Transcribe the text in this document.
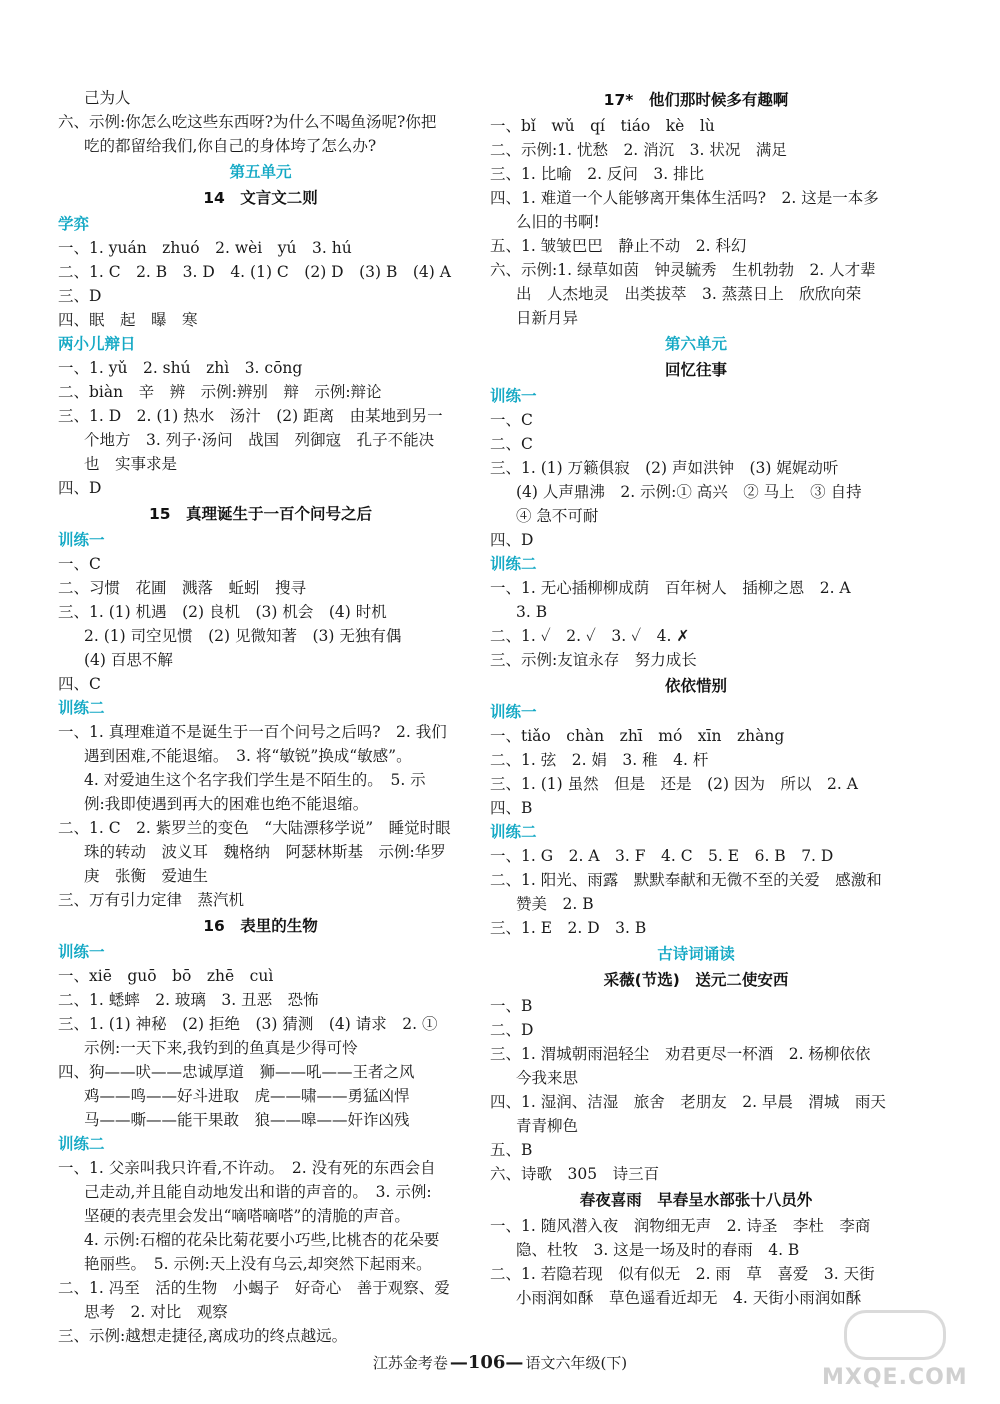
己为人
六、示例:你怎么吃这些东西呀?为什么不喝鱼汤呢?你把
吃的都留给我们,你自己的身体垮了怎么办?
第五单元
14　文言文二则
学弈
一、1. yuán　zhuó　2. wèi　yú　3. hú
二、1. C　2. B　3. D　4. (1) C　(2) D　(3) B　(4) A
三、D
四、眠　起　曝　寒
两小儿辩日
一、1. yǔ　2. shú　zhì　3. cōng
二、biàn　辛　辨　示例:辨别　辩　示例:辩论
三、1. D　2. (1) 热水　汤汁　(2) 距离　由某地到另一
个地方　3. 列子·汤问　战国　列御寇　孔子不能决
也　实事求是
四、D
15　真理诞生于一百个问号之后
训练一
一、C
二、习惯　花圃　溅落　蚯蚓　搜寻
三、1. (1) 机遇　(2) 良机　(3) 机会　(4) 时机
2. (1) 司空见惯　(2) 见微知著　(3) 无独有偶
(4) 百思不解
四、C
训练二
一、1. 真理难道不是诞生于一百个问号之后吗?　2. 我们
遇到困难,不能退缩。　3. 将“敏锐”换成“敏感”。
4. 对爱迪生这个名字我们学生是不陌生的。　5. 示
例:我即使遇到再大的困难也绝不能退缩。
二、1. C　2. 紫罗兰的变色　“大陆漂移学说”　睡觉时眼
珠的转动　波义耳　魏格纳　阿瑟林斯基　示例:华罗
庚　张衡　爱迪生
三、万有引力定律　蒸汽机
16　表里的生物
训练一
一、xiē　guō　bō　zhē　cuì
二、1. 蟋蟀　2. 玻璃　3. 丑恶　恐怖
三、1. (1) 神秘　(2) 拒绝　(3) 猜测　(4) 请求　2. ①
示例:一天下来,我钓到的鱼真是少得可怜
四、狗——吠——忠诚厚道　狮——吼——王者之风
鸡——鸣——好斗进取　虎——啸——勇猛凶悍
马——嘶——能干果敢　狼——嗥——奸诈凶残
训练二
一、1. 父亲叫我只许看,不许动。　2. 没有死的东西会自
己走动,并且能自动地发出和谐的声音的。　3. 示例:
坚硬的表壳里会发出“嘀嗒嘀嗒”的清脆的声音。
4. 示例:石榴的花朵比菊花要小巧些,比桃杏的花朵要
艳丽些。　5. 示例:天上没有乌云,却突然下起雨来。
二、1. 冯至　活的生物　小蝎子　好奇心　善于观察、爱
思考　2. 对比　观察
三、示例:越想走捷径,离成功的终点越远。
17*　他们那时候多有趣啊
一、bǐ　wǔ　qí　tiáo　kè　lù
二、示例:1. 忧愁　2. 消沉　3. 状况　满足
三、1. 比喻　2. 反问　3. 排比
四、1. 难道一个人能够离开集体生活吗?　2. 这是一本多
么旧的书啊!
五、1. 皱皱巴巴　静止不动　2. 科幻
六、示例:1. 绿草如茵　钟灵毓秀　生机勃勃　2. 人才辈
出　人杰地灵　出类拔萃　3. 蒸蒸日上　欣欣向荣
日新月异
第六单元
回忆往事
训练一
一、C
二、C
三、1. (1) 万籁俱寂　(2) 声如洪钟　(3) 娓娓动听
(4) 人声鼎沸　2. 示例:① 高兴　② 马上　③ 自持
④ 急不可耐
四、D
训练二
一、1. 无心插柳柳成荫　百年树人　插柳之恩　2. A
3. B
二、1. ✓　2. ✓　3. ✓　4. ✗
三、示例:友谊永存　努力成长
依依惜别
训练一
一、tiǎo　chàn　zhī　mó　xīn　zhàng
二、1. 弦　2. 娟　3. 稚　4. 杆
三、1. (1) 虽然　但是　还是　(2) 因为　所以　2. A
四、B
训练二
一、1. G　2. A　3. F　4. C　5. E　6. B　7. D
二、1. 阳光、雨露　默默奉献和无微不至的关爱　感激和
赞美　2. B
三、1. E　2. D　3. B
古诗词诵读
采薇(节选)　送元二使安西
一、B
二、D
三、1. 渭城朝雨浥轻尘　劝君更尽一杯酒　2. 杨柳依依
今我来思
四、1. 湿润、洁湿　旅舍　老朋友　2. 早晨　渭城　雨天
青青柳色
五、B
六、诗歌　305　诗三百
春夜喜雨　早春呈水部张十八员外
一、1. 随风潜入夜　润物细无声　2. 诗圣　李杜　李商
隐、杜牧　3. 这是一场及时的春雨　4. B
二、1. 若隐若现　似有似无　2. 雨　草　喜爱　3. 天街
小雨润如酥　草色遥看近却无　4. 天街小雨润如酥
江苏金考卷 —106— 语文六年级(下)
MXQE.COM
